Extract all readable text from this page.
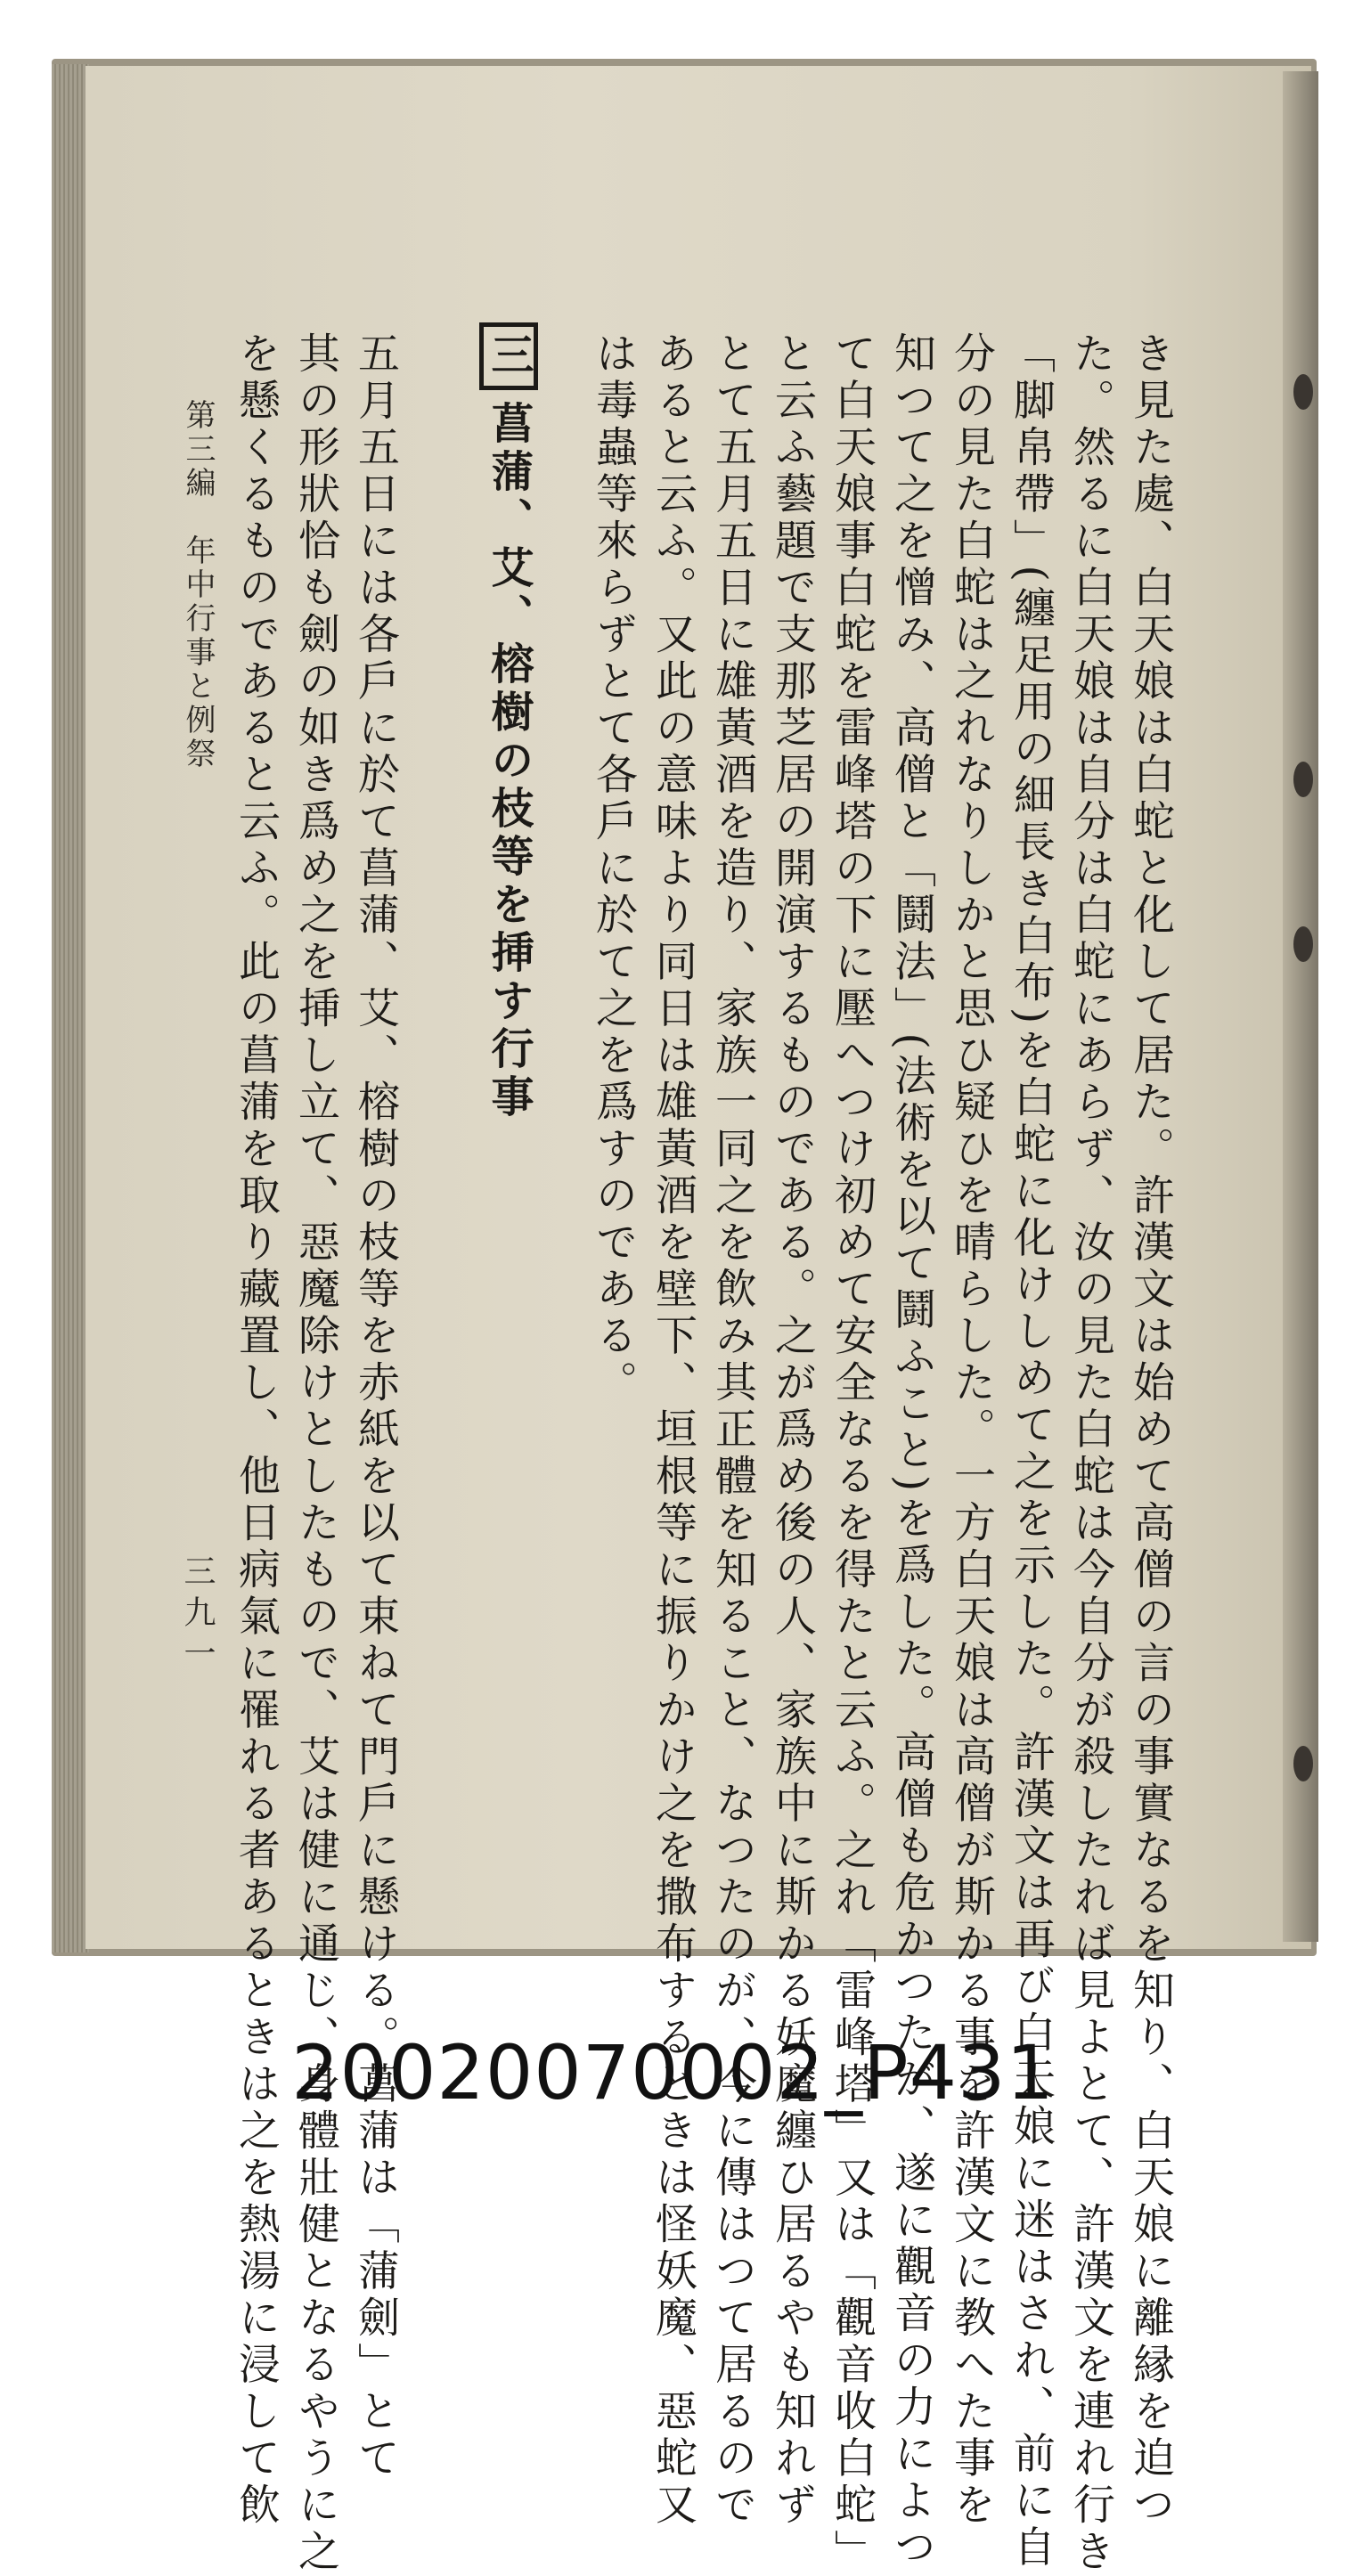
き見た處、白天娘は白蛇と化して居た。許漢文は始めて高僧の言の事實なるを知り、白天娘に離縁を迫つ
た。然るに白天娘は自分は白蛇にあらず、汝の見た白蛇は今自分が殺したれば見よとて、許漢文を連れ行き
「脚帛帶」(纏足用の細長き白布)を白蛇に化けしめて之を示した。許漢文は再び白天娘に迷はされ、前に自
分の見た白蛇は之れなりしかと思ひ疑ひを晴らした。一方白天娘は高僧が斯かる事を許漢文に教へた事を
知つて之を憎み、高僧と「鬪法」(法術を以て鬪ふこと)を爲した。高僧も危かつたが、遂に觀音の力によつ
て白天娘事白蛇を雷峰塔の下に壓へつけ初めて安全なるを得たと云ふ。之れ「雷峰塔」又は「觀音收白蛇」
と云ふ藝題で支那芝居の開演するものである。之が爲め後の人、家族中に斯かる妖魔纏ひ居るやも知れず
とて五月五日に雄黃酒を造り、家族一同之を飲み其正體を知ること、なつたのが、今に傳はつて居るので
あると云ふ。又此の意味より同日は雄黃酒を壁下、垣根等に振りかけ之を撒布するときは怪妖魔、惡蛇又
は毒蟲等來らずとて各戶に於て之を爲すのである。
三菖蒲、艾、榕樹の枝等を挿す行事
五月五日には各戶に於て菖蒲、艾、榕樹の枝等を赤紙を以て束ねて門戶に懸ける。菖蒲は「蒲劍」とて
其の形狀恰も劍の如き爲め之を挿し立て、惡魔除けとしたもので、艾は健に通じ、身體壯健となるやうに之
を懸くるものであると云ふ。此の菖蒲を取り藏置し、他日病氣に罹れる者あるときは之を熱湯に浸して飲
第三編　年中行事と例祭
三九一
20020070002_P431
